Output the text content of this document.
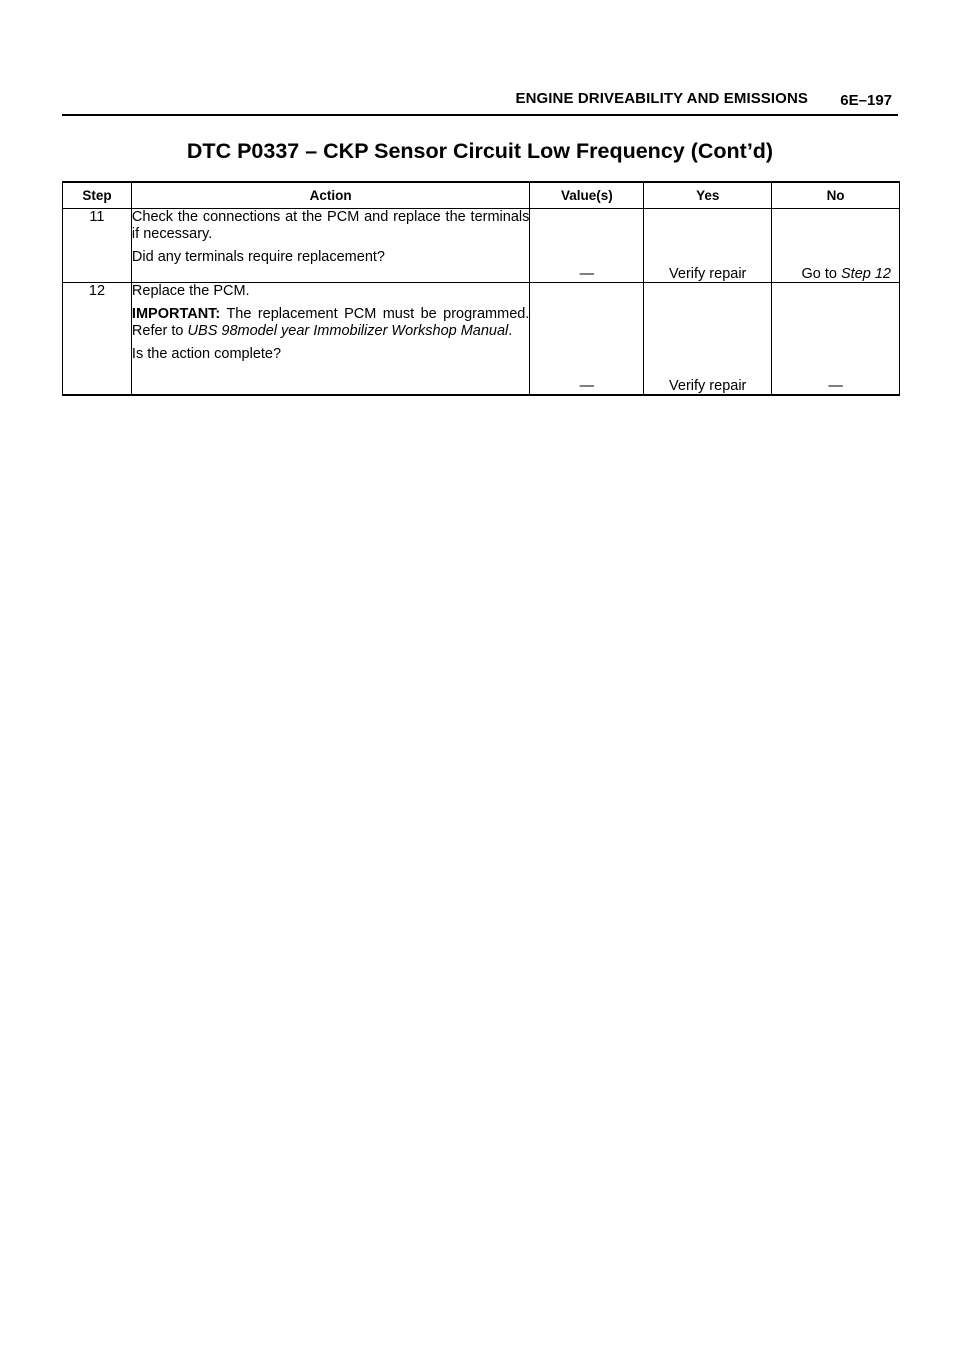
ENGINE DRIVEABILITY AND EMISSIONS 6E–197
DTC P0337 – CKP Sensor Circuit Low Frequency (Cont’d)
Step	Action	Value(s)	Yes	No
11	Check the connections at the PCM and replace the terminals if necessary.

Did any terminals require replacement?	—	Verify repair	Go to Step 12
12	Replace the PCM.

IMPORTANT: The replacement PCM must be programmed. Refer to UBS 98model year Immobilizer Workshop Manual.

Is the action complete?	—	Verify repair	—
